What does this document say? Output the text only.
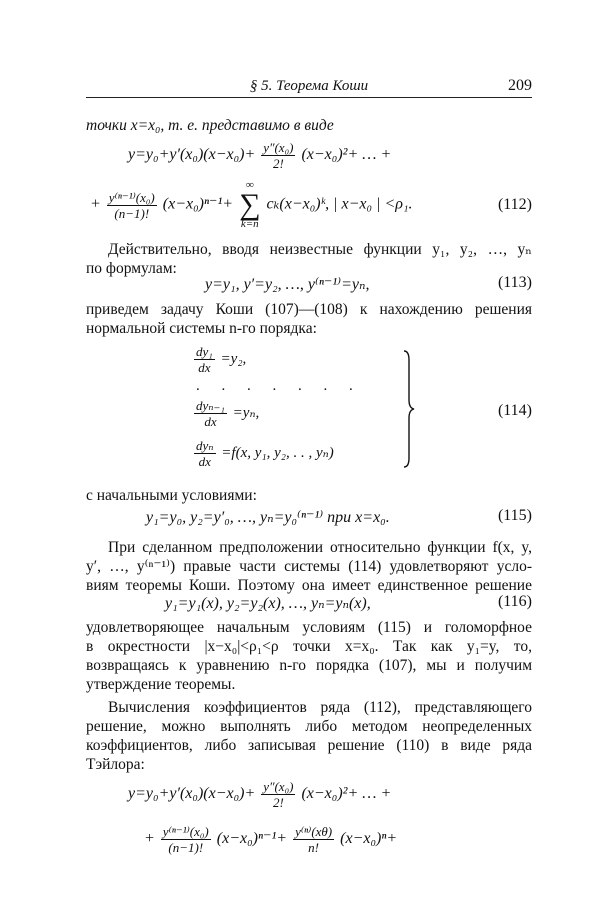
§ 5. Теорема Коши	209
точки x=x₀, т. е. представимо в виде
$y=y_0+y'(x_0)(x-x_0)+ \frac{\text{y″(x₀)}}{2!} (x-x_0)^2+$ … +
+ $\frac{\text{y⁽ⁿ⁻¹⁾(x₀)}}{(n-1)!} (x-x_0)^{n-1}+$
∞
∑
k=n
cₖ(x−x₀)ᵏ, | x−x₀ | <ρ₁.	(112)
Действительно, вводя неизвестные функции y₁, y₂, …, yₙ
по формулам:
y=y₁, y′=y₂, …, y⁽ⁿ⁻¹⁾=yₙ,	(113)
приведем задачу Коши (107)—(108) к нахождению решения
нормальной системы n-го порядка:
$\frac{\text{dy₁}}{dx} =y_2$,
. . . . . . .
$\frac{\text{dyₙ₋₁}}{dx} =y_n$,
$\frac{\text{dyₙ}}{dx} =f(x$, y₁, y₂, . . , yₙ)
(114)
с начальными условиями:
y₁=y₀, y₂=y′₀, …, yₙ=y₀⁽ⁿ⁻¹⁾ при x=x₀.	(115)
При сделанном предположении относительно функции f(x, y,
y′, …, y⁽ⁿ⁻¹⁾) правые части системы (114) удовлетворяют усло-
виям теоремы Коши. Поэтому она имеет единственное решение
y₁=y₁(x), y₂=y₂(x), …, yₙ=yₙ(x),	(116)
удовлетворяющее начальным условиям (115) и голоморфное
в окрестности |x−x₀|<ρ₁<ρ точки x=x₀. Так как y₁=y, то,
возвращаясь к уравнению n-го порядка (107), мы и получим
утверждение теоремы.
Вычисления коэффициентов ряда (112), представляющего
решение, можно выполнять либо методом неопределенных
коэффициентов, либо записывая решение (110) в виде ряда
Тэйлора:
$y=y_0+y'(x_0)(x-x_0)+ \frac{\text{y″(x₀)}}{2!} (x-x_0)^2+$ … +
+ $\frac{\text{y⁽ⁿ⁻¹⁾(x₀)}}{(n-1)!} (x-x_0)^{n-1}+ \frac{\text{y⁽ⁿ⁾(xθ)}}{n!} (x-x_0)^n+$
